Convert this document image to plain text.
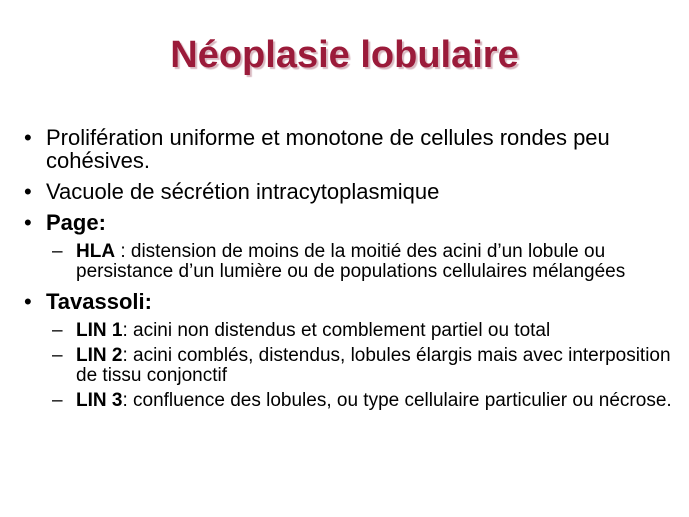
Néoplasie lobulaire
• Prolifération uniforme et monotone de cellules rondes peu cohésives.
• Vacuole de sécrétion intracytoplasmique
• Page:
– HLA : distension de moins de la moitié des acini d’un lobule ou persistance d’un lumière ou de populations cellulaires mélangées
• Tavassoli:
– LIN 1: acini non distendus et comblement partiel ou total
– LIN 2: acini comblés, distendus, lobules élargis mais avec interposition de tissu conjonctif
– LIN 3: confluence des lobules, ou type cellulaire particulier ou nécrose.
